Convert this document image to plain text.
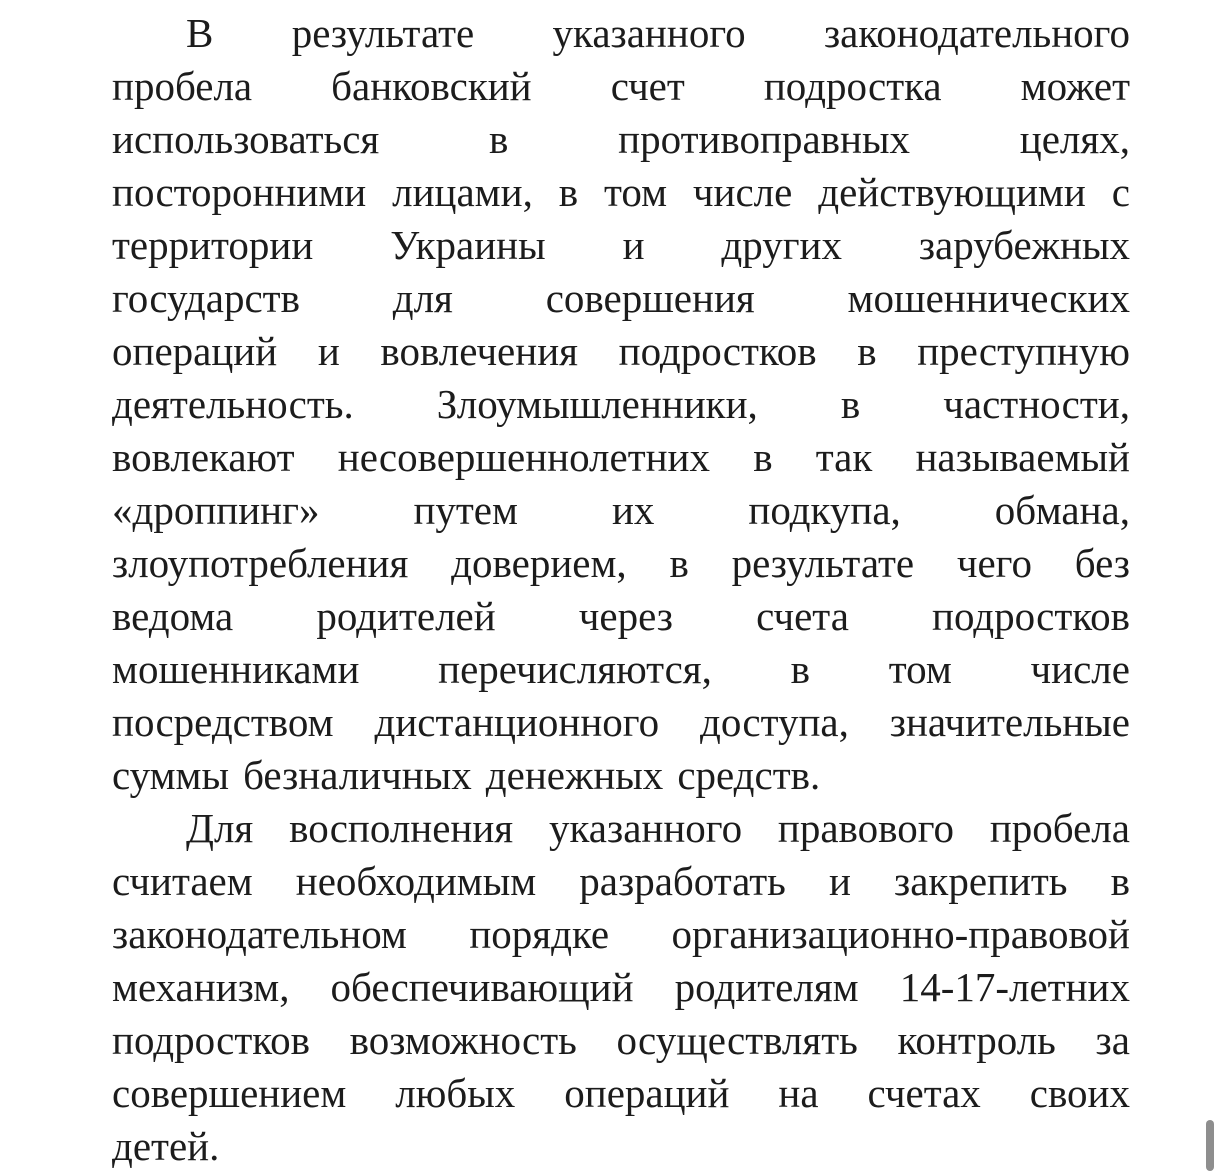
В результате указанного законодательного
пробела банковский счет подростка может
использоваться	в	противоправных	целях,
посторонними лицами, в том числе действующими с
территории Украины и других зарубежных
государств для совершения мошеннических
операций и вовлечения подростков в преступную
деятельность. Злоумышленники, в частности,
вовлекают несовершеннолетних в так называемый
«дроппинг» путем их подкупа, обмана,
злоупотребления доверием, в результате чего без
ведома родителей через счета подростков
мошенниками перечисляются, в том числе
посредством дистанционного доступа, значительные
суммы безналичных денежных средств.
Для восполнения указанного правового пробела
считаем необходимым разработать и закрепить в
законодательном порядке организационно-правовой
механизм, обеспечивающий родителям 14-17-летних
подростков возможность осуществлять контроль за
совершением любых операций на счетах своих
детей.
